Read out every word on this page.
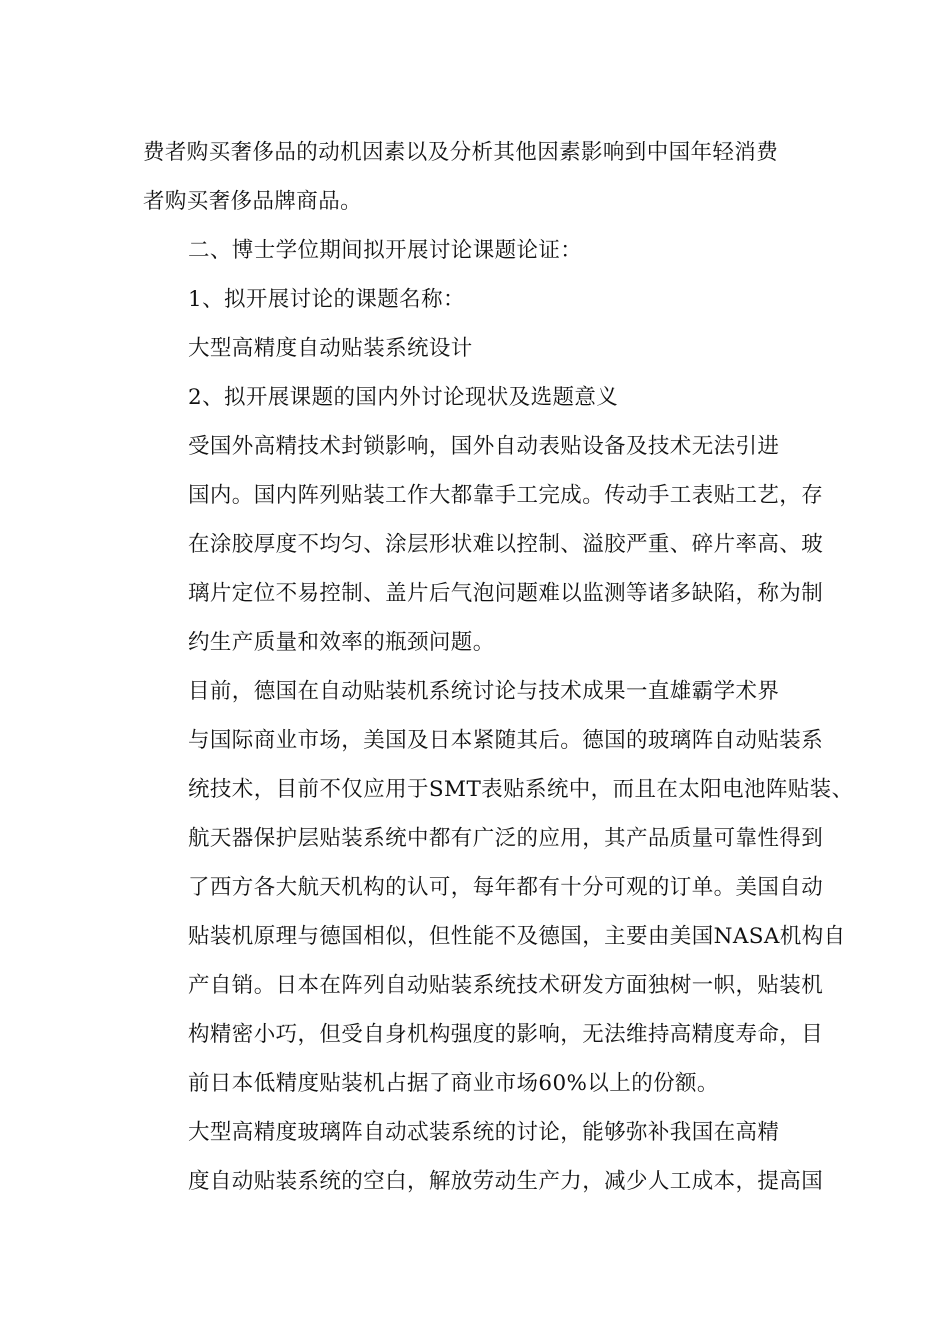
费者购买奢侈品的动机因素以及分析其他因素影响到中国年轻消费
者购买奢侈品牌商品。

二、博士学位期间拟开展讨论课题论证：

1、拟开展讨论的课题名称：

大型高精度自动贴装系统设计

2、拟开展课题的国内外讨论现状及选题意义

受国外高精技术封锁影响，国外自动表贴设备及技术无法引进
国内。国内阵列贴装工作大都靠手工完成。传动手工表贴工艺，存
在涂胶厚度不均匀、涂层形状难以控制、溢胶严重、碎片率高、玻
璃片定位不易控制、盖片后气泡问题难以监测等诸多缺陷，称为制
约生产质量和效率的瓶颈问题。

目前，德国在自动贴装机系统讨论与技术成果一直雄霸学术界
与国际商业市场，美国及日本紧随其后。德国的玻璃阵自动贴装系
统技术，目前不仅应用于SMT表贴系统中，而且在太阳电池阵贴装、
航天器保护层贴装系统中都有广泛的应用，其产品质量可靠性得到
了西方各大航天机构的认可，每年都有十分可观的订单。美国自动
贴装机原理与德国相似，但性能不及德国，主要由美国NASA机构自
产自销。日本在阵列自动贴装系统技术研发方面独树一帜，贴装机
构精密小巧，但受自身机构强度的影响，无法维持高精度寿命，目
前日本低精度贴装机占据了商业市场60%以上的份额。

大型高精度玻璃阵自动忒装系统的讨论，能够弥补我国在高精
度自动贴装系统的空白，解放劳动生产力，减少人工成本，提高国
